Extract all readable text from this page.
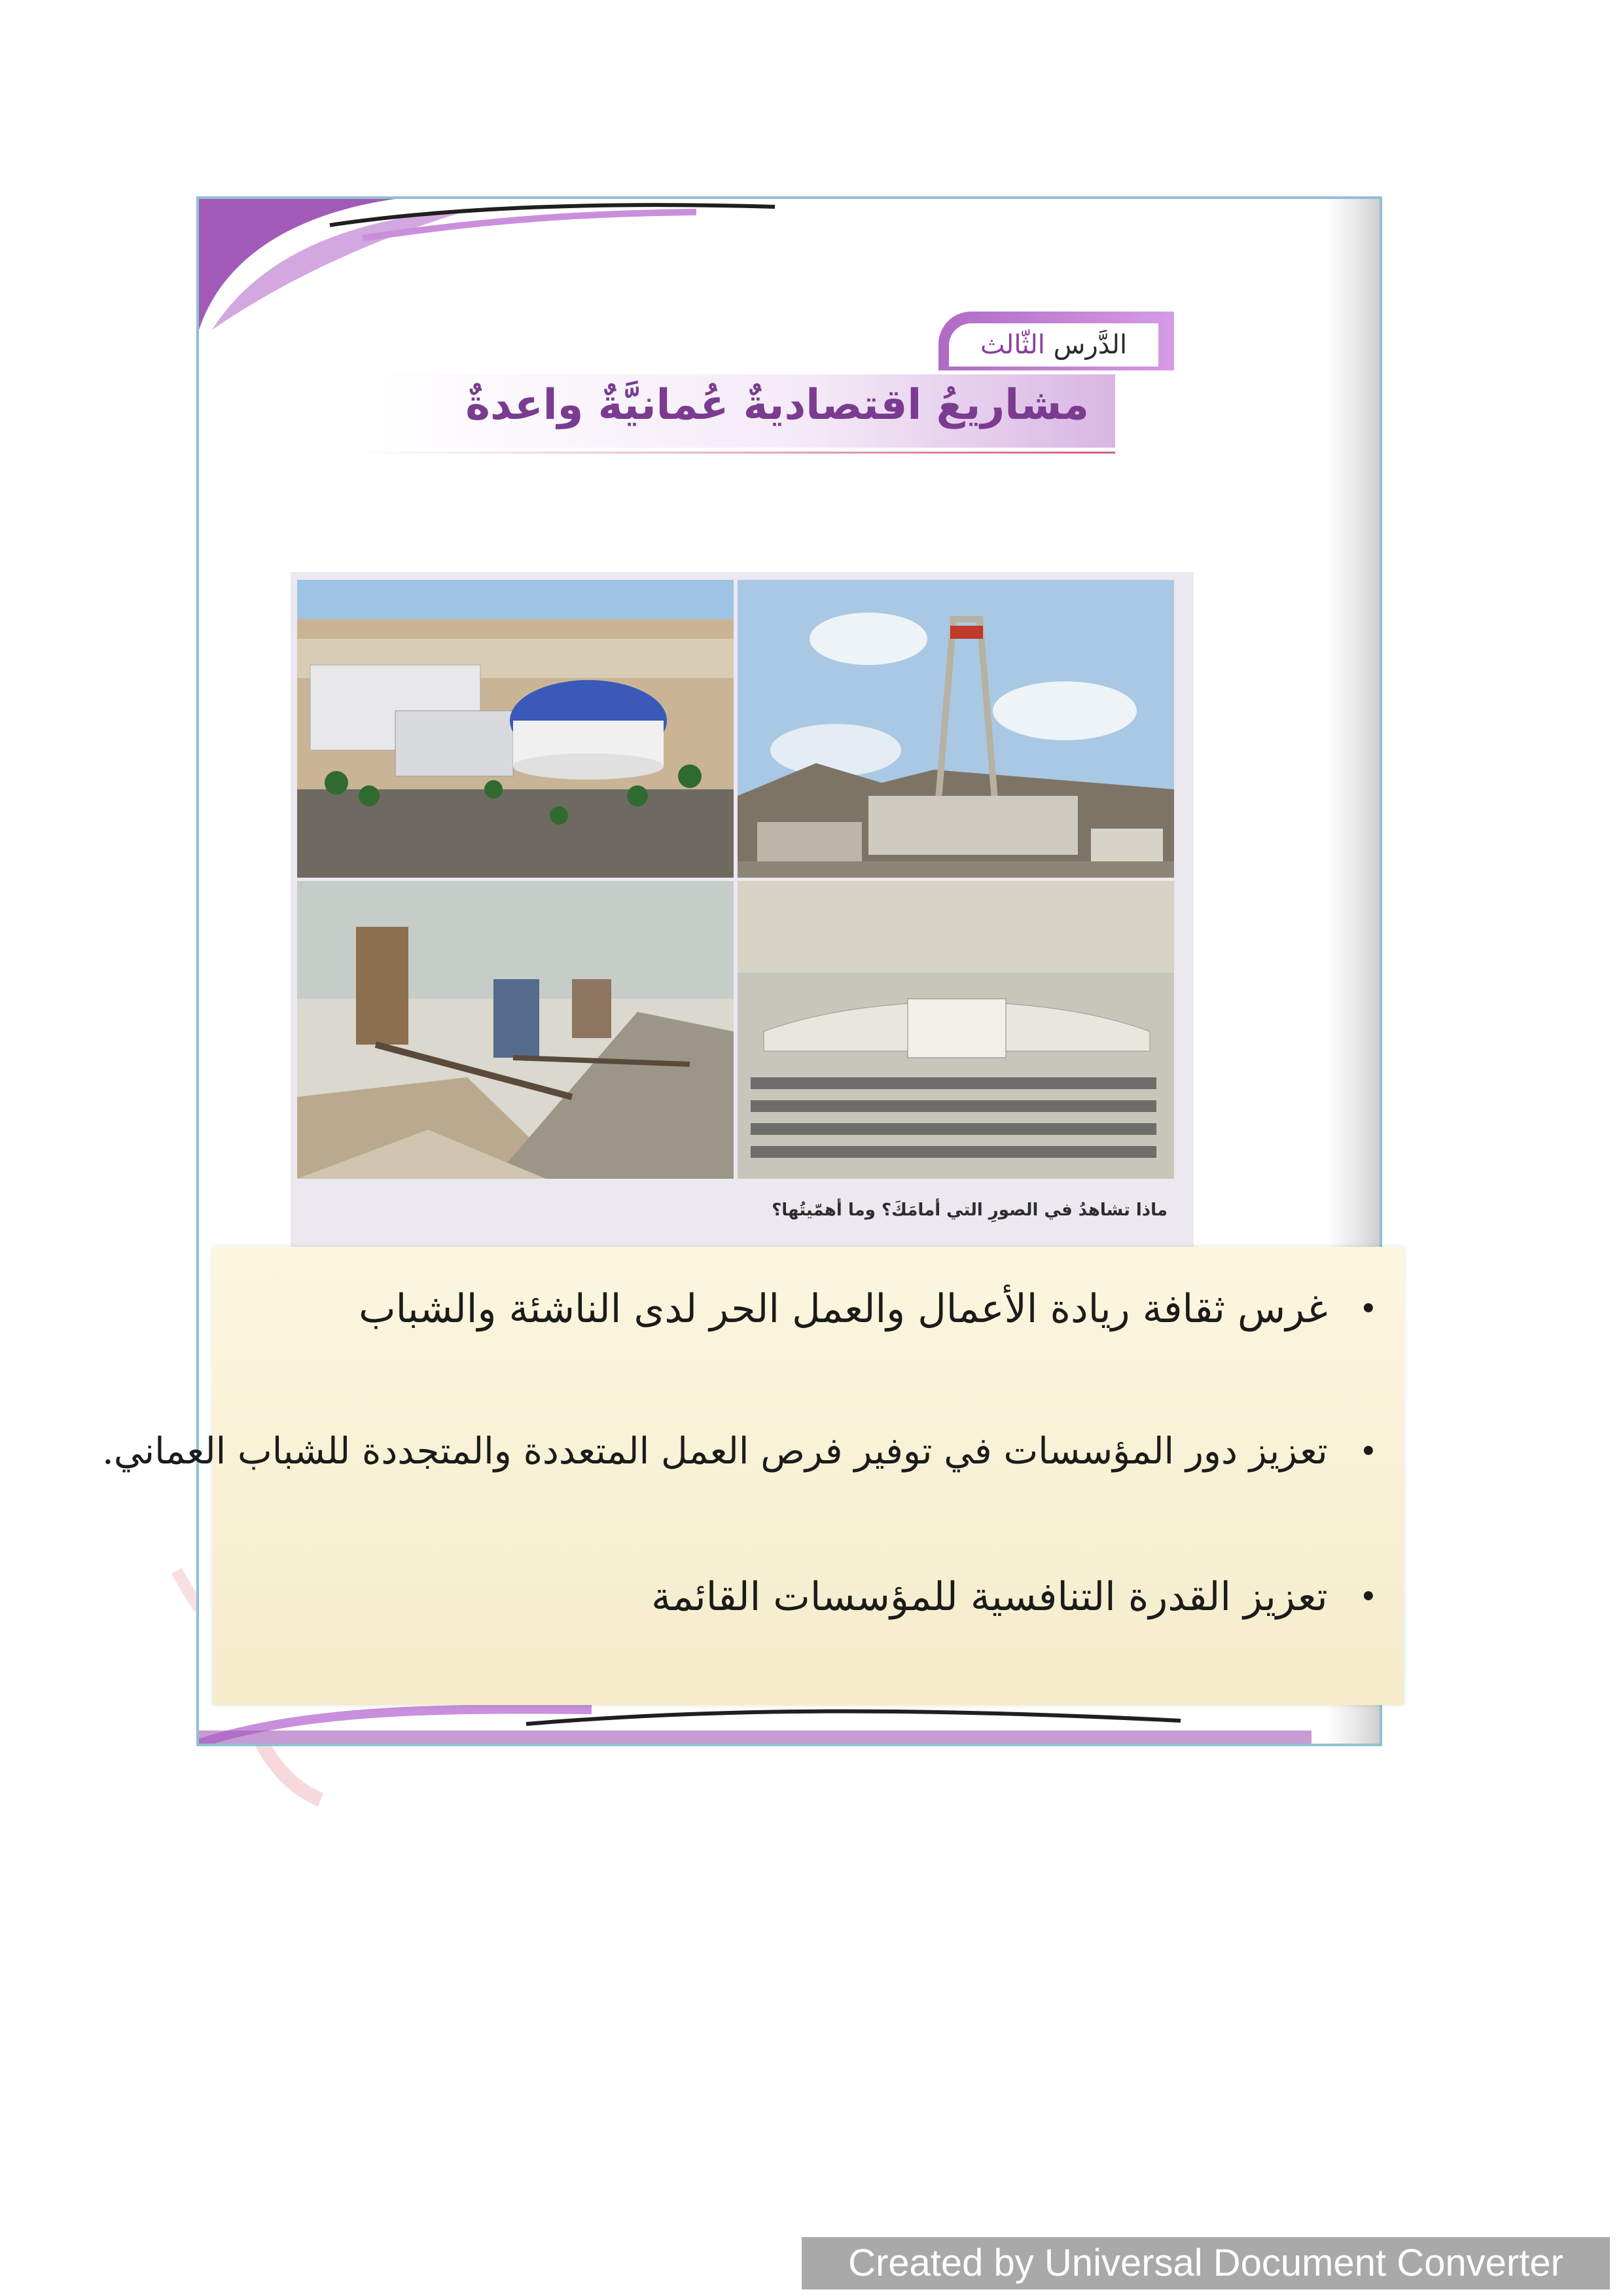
الدَّرس الثّالث
مشاريعُ اقتصاديةٌ عُمانيَّةٌ واعدةٌ
ماذا تشاهدُ في الصورِ التي أمامَكَ؟ وما أهمّيتُها؟
•
غرس ثقافة ريادة الأعمال والعمل الحر لدى الناشئة والشباب
•
تعزيز دور المؤسسات في توفير فرص العمل المتعددة والمتجددة للشباب العماني.
•
تعزيز القدرة التنافسية للمؤسسات القائمة
Created by Universal Document Converter
